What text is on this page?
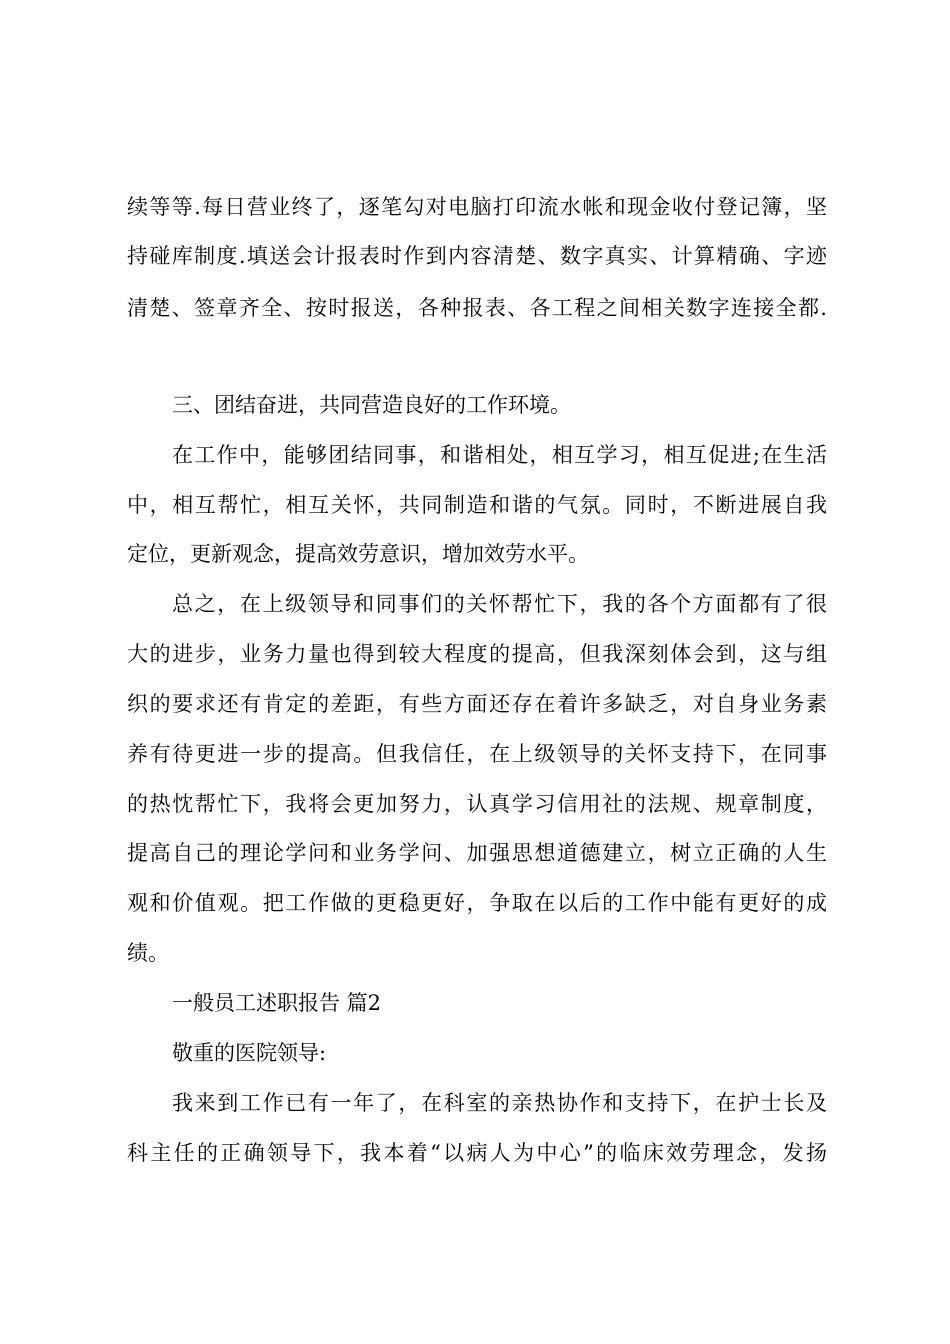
续等等.每日营业终了，逐笔勾对电脑打印流水帐和现金收付登记簿，坚
持碰库制度.填送会计报表时作到内容清楚、数字真实、计算精确、字迹
清楚、签章齐全、按时报送，各种报表、各工程之间相关数字连接全都.
三、团结奋进，共同营造良好的工作环境。
在工作中，能够团结同事，和谐相处，相互学习，相互促进;在生活
中，相互帮忙，相互关怀，共同制造和谐的气氛。同时，不断进展自我
定位，更新观念，提高效劳意识，增加效劳水平。
总之，在上级领导和同事们的关怀帮忙下，我的各个方面都有了很
大的进步，业务力量也得到较大程度的提高，但我深刻体会到，这与组
织的要求还有肯定的差距，有些方面还存在着许多缺乏，对自身业务素
养有待更进一步的提高。但我信任，在上级领导的关怀支持下，在同事
的热忱帮忙下，我将会更加努力，认真学习信用社的法规、规章制度，
提高自己的理论学问和业务学问、加强思想道德建立，树立正确的人生
观和价值观。把工作做的更稳更好，争取在以后的工作中能有更好的成
绩。
一般员工述职报告 篇2
敬重的医院领导:
我来到工作已有一年了，在科室的亲热协作和支持下，在护士长及
科主任的正确领导下，我本着“以病人为中心”的临床效劳理念，发扬
